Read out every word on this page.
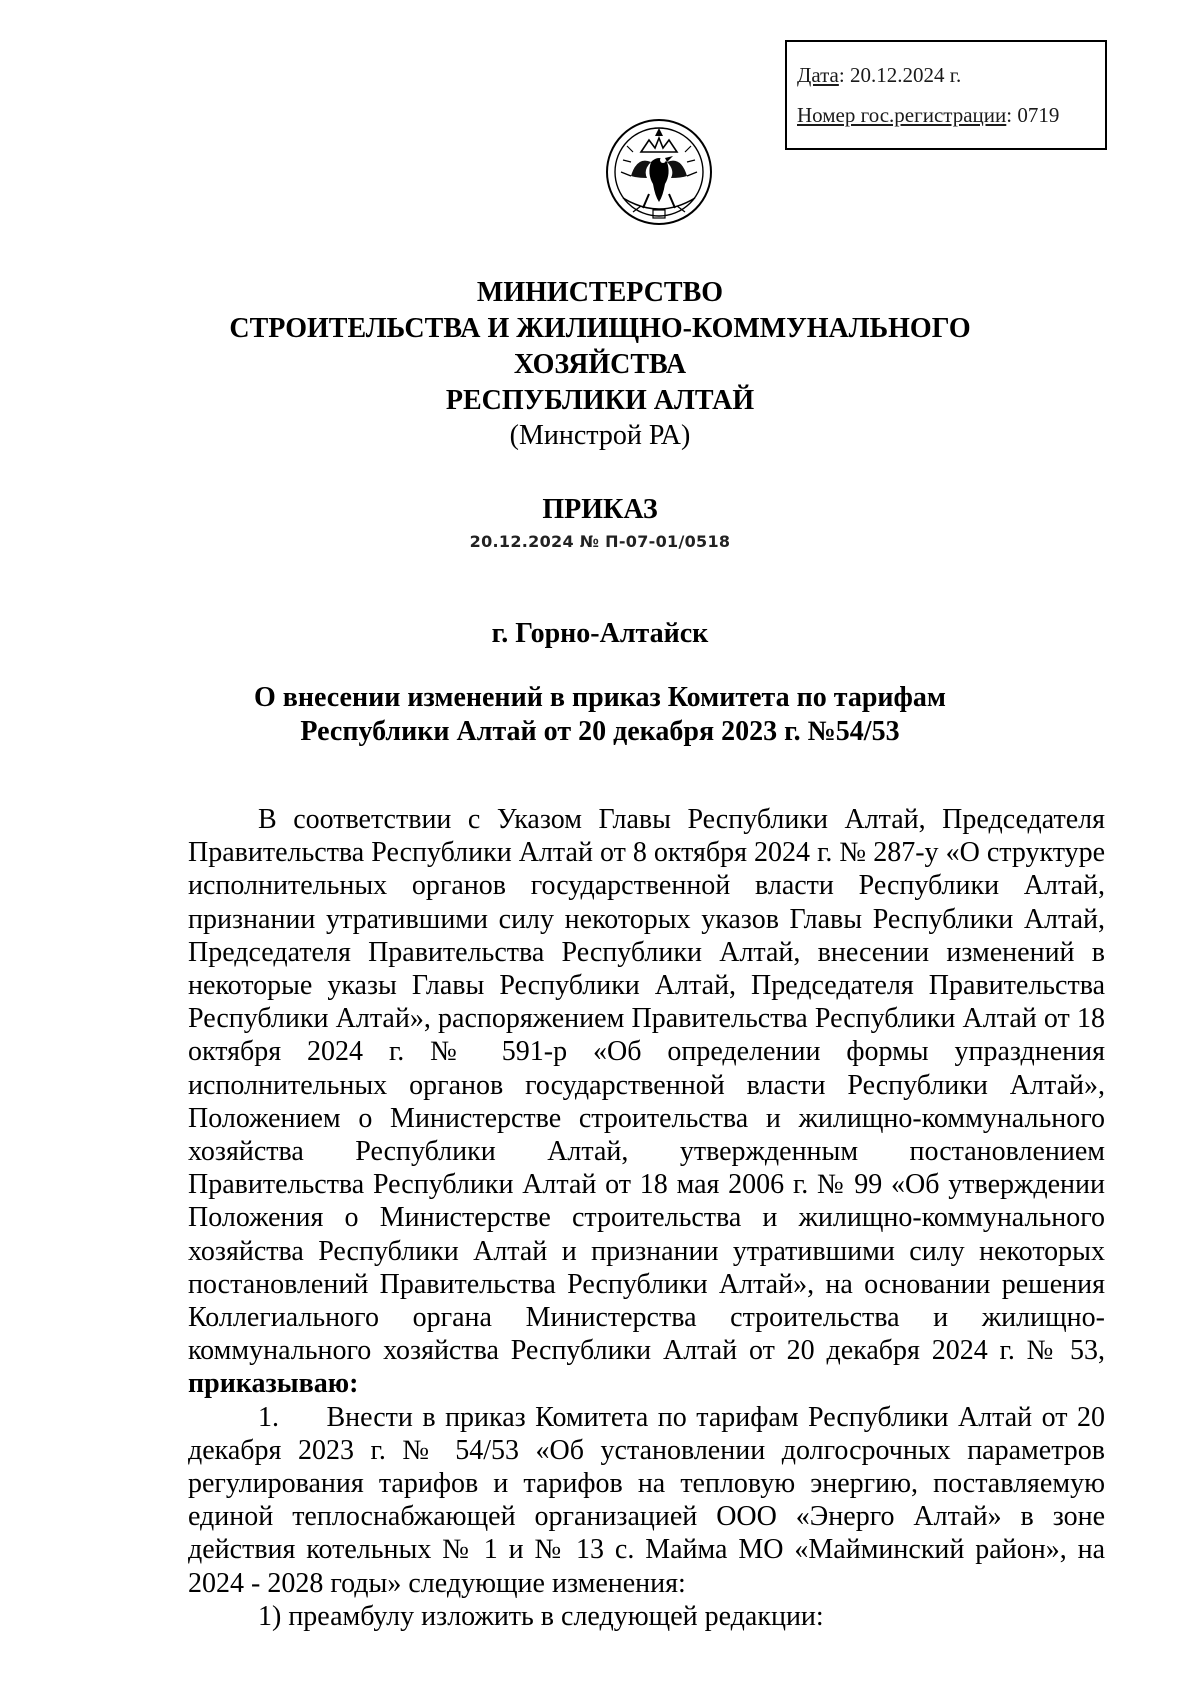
Дата: 20.12.2024 г.
Номер гос.регистрации: 0719

МИНИСТЕРСТВО

СТРОИТЕЛЬСТВА И ЖИЛИЩНО-КОММУНАЛЬНОГО ХОЗЯЙСТВА

РЕСПУБЛИКИ АЛТАЙ

(Минстрой РА)

ПРИКАЗ

20.12.2024 № П-07-01/0518
г. Горно-Алтайск
О внесении изменений в приказ Комитета по тарифам
Республики Алтай от 20 декабря 2023 г. №54/53

В соответствии с Указом Главы Республики Алтай, Председателя Правительства Республики Алтай от 8 октября 2024 г. № 287-у «О структуре исполнительных органов государственной власти Республики Алтай, признании утратившими силу некоторых указов Главы Республики Алтай, Председателя Правительства Республики Алтай, внесении изменений в некоторые указы Главы Республики Алтай, Председателя Правительства Республики Алтай», распоряжением Правительства Республики Алтай от 18 октября 2024 г. № 591-р «Об определении формы упразднения исполнительных органов государственной власти Республики Алтай», Положением о Министерстве строительства и жилищно-коммунального хозяйства Республики Алтай, утвержденным постановлением Правительства Республики Алтай от 18 мая 2006 г. № 99 «Об утверждении Положения о Министерстве строительства и жилищно-коммунального хозяйства Республики Алтай и признании утратившими силу некоторых постановлений Правительства Республики Алтай», на основании решения Коллегиального органа Министерства строительства и жилищно-коммунального хозяйства Республики Алтай от 20 декабря 2024 г. № 53, приказываю:

1. Внести в приказ Комитета по тарифам Республики Алтай от 20 декабря 2023 г. № 54/53 «Об установлении долгосрочных параметров регулирования тарифов и тарифов на тепловую энергию, поставляемую единой теплоснабжающей организацией ООО «Энерго Алтай» в зоне действия котельных № 1 и № 13 с. Майма МО «Майминский район», на 2024 - 2028 годы» следующие изменения:

1) преамбулу изложить в следующей редакции:
